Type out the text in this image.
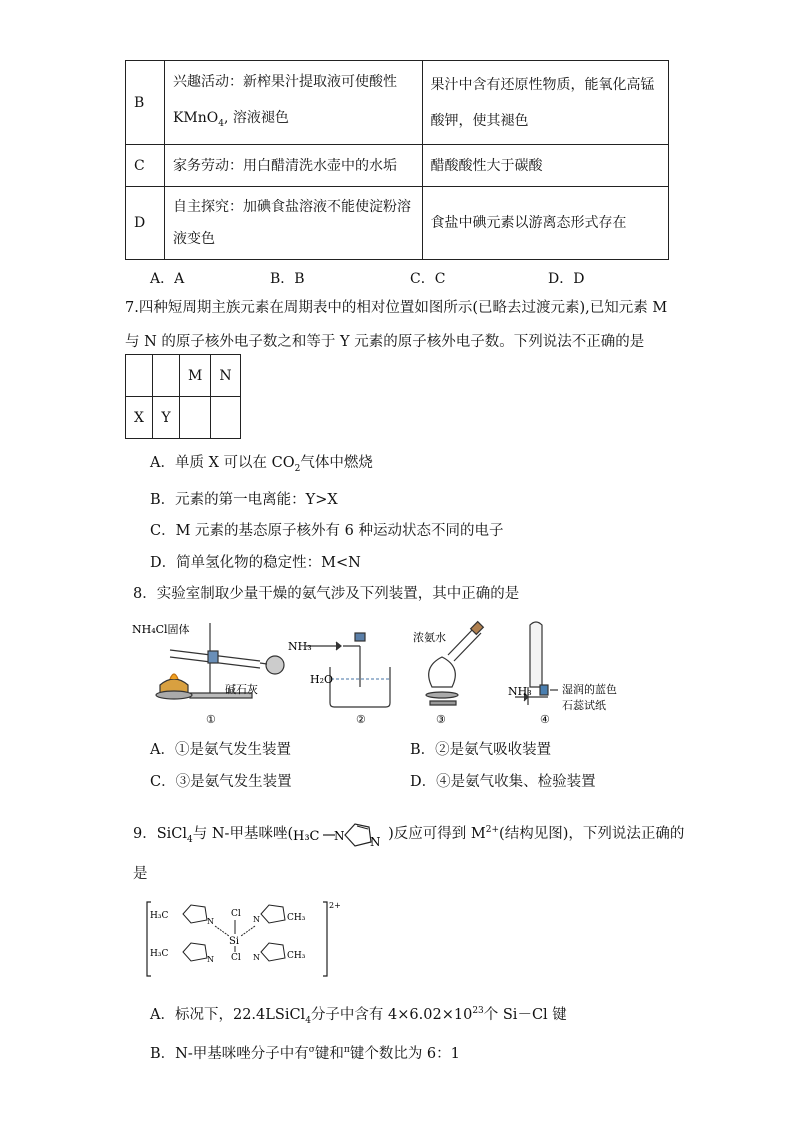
B	兴趣活动：新榨果汁提取液可使酸性
KMnO$_4$, 溶液褪色	果汁中含有还原性物质，能氧化高锰
酸钾，使其褪色
C	家务劳动：用白醋清洗水壶中的水垢	醋酸酸性大于碳酸
D	自主探究：加碘食盐溶液不能使淀粉溶
液变色	食盐中碘元素以游离态形式存在
A．A	B．B	C．C	D．D
7.四种短周期主族元素在周期表中的相对位置如图所示(已略去过渡元素),已知元素 M
与 N 的原子核外电子数之和等于 Y 元素的原子核外电子数。下列说法不正确的是
		M	N
X	Y		
A．单质 X 可以在 $CO_2$气体中燃烧
B．元素的第一电离能：Y>X
C．M 元素的基态原子核外有 6 种运动状态不同的电子
D．简单氢化物的稳定性：M<N
8．实验室制取少量干燥的氨气涉及下列装置，其中正确的是
NH₄Cl固体
碱石灰
①
NH₃
H₂O
②
浓氨水
③
NH₃	湿润的蓝色
石蕊试纸
④
A．①是氨气发生装置	B．②是氨气吸收装置
C．③是氨气发生装置	D．④是氨气收集、检验装置
9．SiCl$_4$与 N-甲基咪唑( H₃C N N )反应可得到 $M^{2+}$(结构见图)，下列说法正确的
是
2+
H₃C
H₃C
N
N
N
N
Si
Cl
Cl
CH₃
CH₃
A．标况下，22.4LSiCl$_4$分子中含有 $4\times 6.02\times 10^{23}$个 Si－Cl 键
B．N-甲基咪唑分子中有$^\sigma$键和$^\pi$键个数比为 6：1
